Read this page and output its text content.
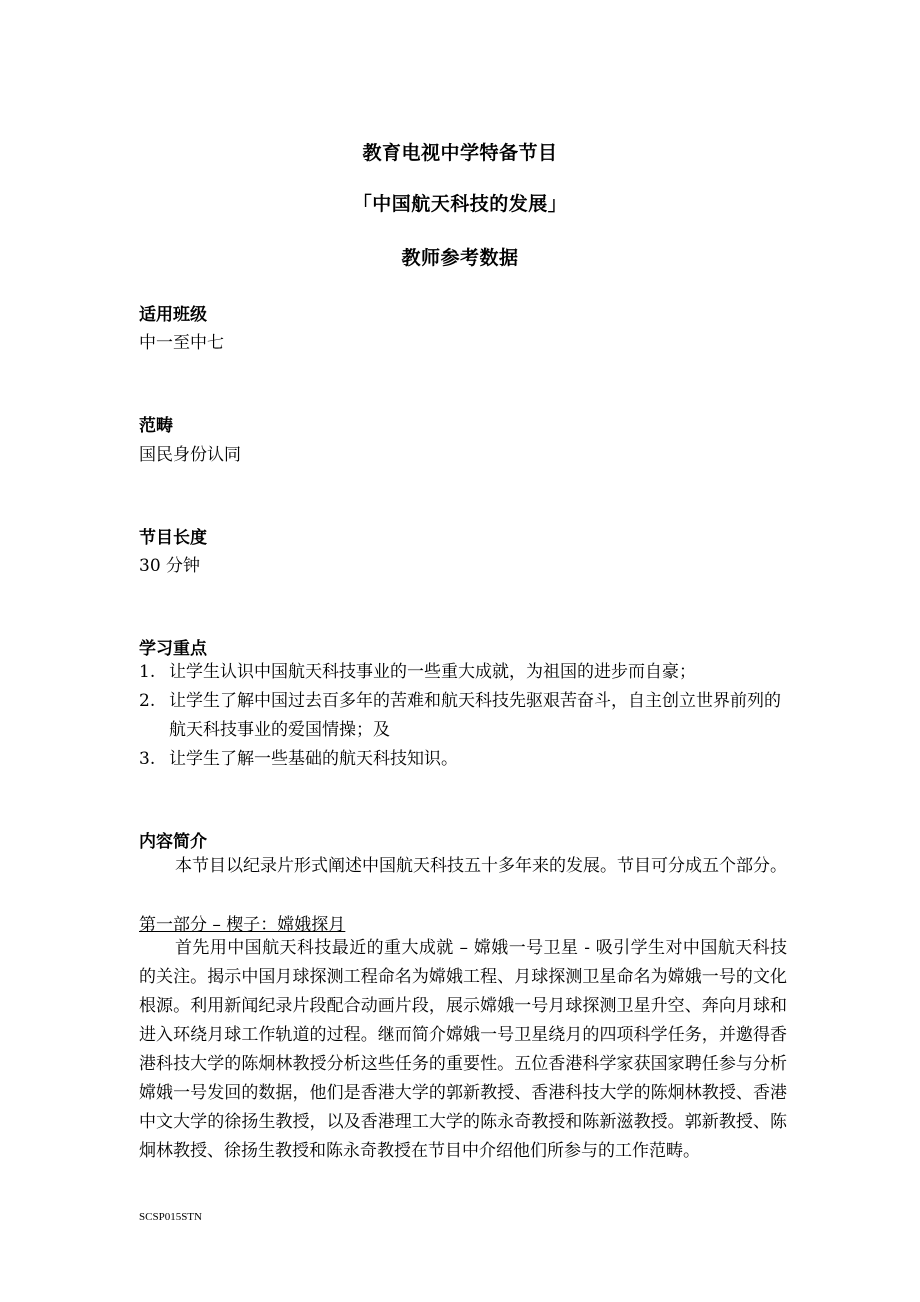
教育电视中学特备节目
「中国航天科技的发展」
教师参考数据
适用班级
中一至中七
范畴
国民身份认同
节目长度
30 分钟
学习重点
1. 让学生认识中国航天科技事业的一些重大成就，为祖国的进步而自豪；
2. 让学生了解中国过去百多年的苦难和航天科技先驱艰苦奋斗，自主创立世界前列的航天科技事业的爱国情操；及
3. 让学生了解一些基础的航天科技知识。
内容简介

本节目以纪录片形式阐述中国航天科技五十多年来的发展。节目可分成五个部分。

第一部分 – 楔子：嫦娥探月

首先用中国航天科技最近的重大成就 – 嫦娥一号卫星 - 吸引学生对中国航天科技的关注。揭示中国月球探测工程命名为嫦娥工程、月球探测卫星命名为嫦娥一号的文化根源。利用新闻纪录片段配合动画片段，展示嫦娥一号月球探测卫星升空、奔向月球和进入环绕月球工作轨道的过程。继而简介嫦娥一号卫星绕月的四项科学任务，并邀得香港科技大学的陈炯林教授分析这些任务的重要性。五位香港科学家获国家聘任参与分析嫦娥一号发回的数据，他们是香港大学的郭新教授、香港科技大学的陈炯林教授、香港中文大学的徐扬生教授，以及香港理工大学的陈永奇教授和陈新滋教授。郭新教授、陈炯林教授、徐扬生教授和陈永奇教授在节目中介绍他们所参与的工作范畴。

SCSP015STN
